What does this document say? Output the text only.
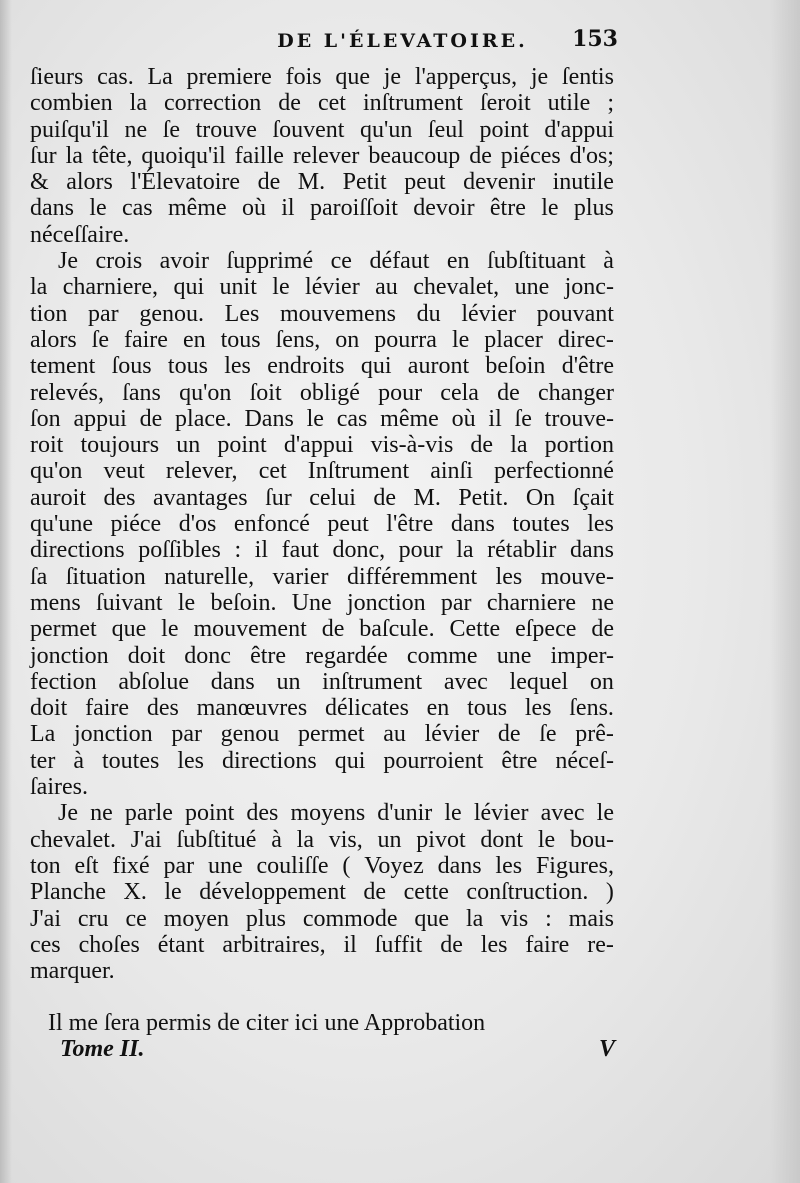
DE L'ÉLEVATOIRE.	153
ſieurs cas. La premiere fois que je l'apperçus, je ſentis
combien la correction de cet inſtrument ſeroit utile ;
puiſqu'il ne ſe trouve ſouvent qu'un ſeul point d'appui
ſur la tête, quoiqu'il faille relever beaucoup de piéces d'os;
& alors l'Élevatoire de M. Petit peut devenir inutile
dans le cas même où il paroiſſoit devoir être le plus
néceſſaire.
Je crois avoir ſupprimé ce défaut en ſubſtituant à
la charniere, qui unit le lévier au chevalet, une jonc-
tion par genou. Les mouvemens du lévier pouvant
alors ſe faire en tous ſens, on pourra le placer direc-
tement ſous tous les endroits qui auront beſoin d'être
relevés, ſans qu'on ſoit obligé pour cela de changer
ſon appui de place. Dans le cas même où il ſe trouve-
roit toujours un point d'appui vis-à-vis de la portion
qu'on veut relever, cet Inſtrument ainſi perfectionné
auroit des avantages ſur celui de M. Petit. On ſçait
qu'une piéce d'os enfoncé peut l'être dans toutes les
directions poſſibles : il faut donc, pour la rétablir dans
ſa ſituation naturelle, varier différemment les mouve-
mens ſuivant le beſoin. Une jonction par charniere ne
permet que le mouvement de baſcule. Cette eſpece de
jonction doit donc être regardée comme une imper-
fection abſolue dans un inſtrument avec lequel on
doit faire des manœuvres délicates en tous les ſens.
La jonction par genou permet au lévier de ſe prê-
ter à toutes les directions qui pourroient être néceſ-
ſaires.
Je ne parle point des moyens d'unir le lévier avec le
chevalet. J'ai ſubſtitué à la vis, un pivot dont le bou-
ton eſt fixé par une couliſſe ( Voyez dans les Figures,
Planche X. le développement de cette conſtruction. )
J'ai cru ce moyen plus commode que la vis : mais
ces choſes étant arbitraires, il ſuffit de les faire re-
marquer.
Il me ſera permis de citer ici une Approbation
Tome II.	V
